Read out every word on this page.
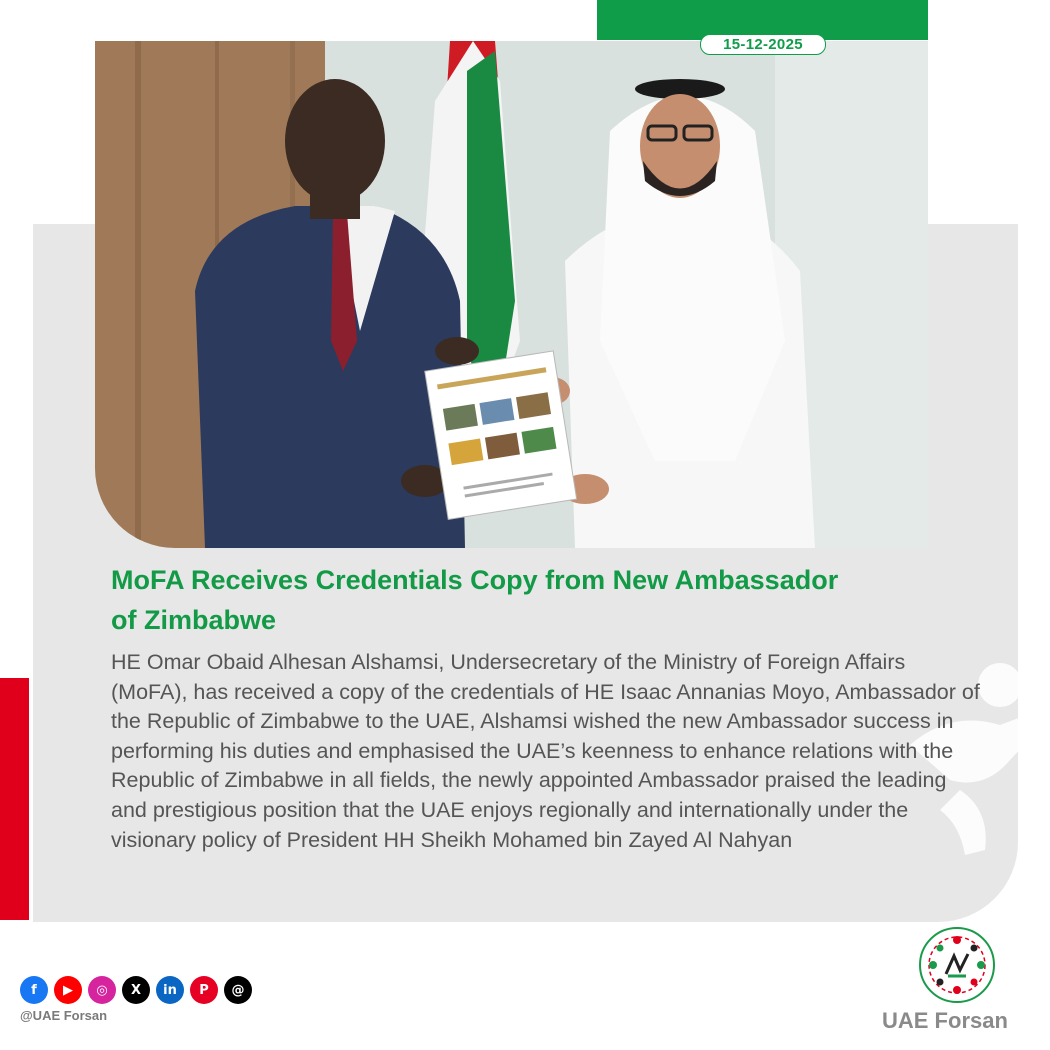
15-12-2025
MoFA Receives Credentials Copy from New Ambassador of Zimbabwe

HE Omar Obaid Alhesan Alshamsi, Undersecretary of the Ministry of Foreign Affairs (MoFA), has received a copy of the credentials of HE Isaac Annanias Moyo, Ambassador of the Republic of Zimbabwe to the UAE, Alshamsi wished the new Ambassador success in performing his duties and emphasised the UAE’s keenness to enhance relations with the Republic of Zimbabwe in all fields, the newly appointed Ambassador praised the leading and prestigious position that the UAE enjoys regionally and internationally under the visionary policy of President HH Sheikh Mohamed bin Zayed Al Nahyan

f	▶	◎	X	in	P	@
@UAE Forsan	UAE Forsan
